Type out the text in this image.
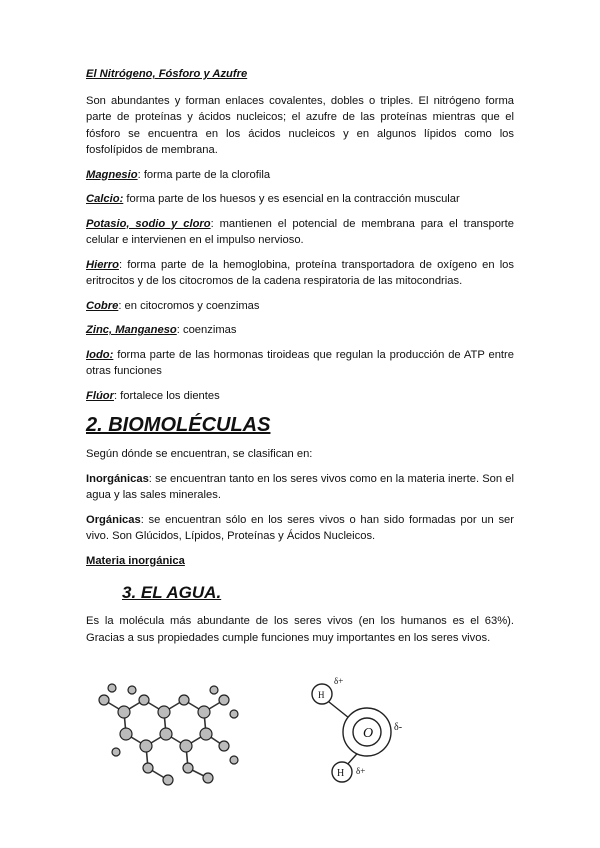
El Nitrógeno, Fósforo y Azufre

Son abundantes y forman enlaces covalentes, dobles o triples. El nitrógeno forma parte de proteínas y ácidos nucleicos; el azufre de las proteínas mientras que el fósforo se encuentra en los ácidos nucleicos y en algunos lípidos como los fosfolípidos de membrana.

Magnesio: forma parte de la clorofila

Calcio: forma parte de los huesos y es esencial en la contracción muscular

Potasio, sodio y cloro: mantienen el potencial de membrana para el transporte celular e intervienen en el impulso nervioso.

Hierro: forma parte de la hemoglobina, proteína transportadora de oxígeno en los eritrocitos y de los citocromos de la cadena respiratoria de las mitocondrias.

Cobre: en citocromos y coenzimas

Zinc, Manganeso: coenzimas

Iodo: forma parte de las hormonas tiroideas que regulan la producción de ATP entre otras funciones

Flúor: fortalece los dientes

2. BIOMOLÉCULAS

Según dónde se encuentran, se clasifican en:

Inorgánicas: se encuentran tanto en los seres vivos como en la materia inerte. Son el agua y las sales minerales.

Orgánicas: se encuentran sólo en los seres vivos o han sido formadas por un ser vivo. Son Glúcidos, Lípidos, Proteínas y Ácidos Nucleicos.

Materia inorgánica
3. EL AGUA.

Es la molécula más abundante de los seres vivos (en los humanos es el 63%). Gracias a sus propiedades cumple funciones muy importantes en los seres vivos.

O
H
H
δ+
δ-
δ+
